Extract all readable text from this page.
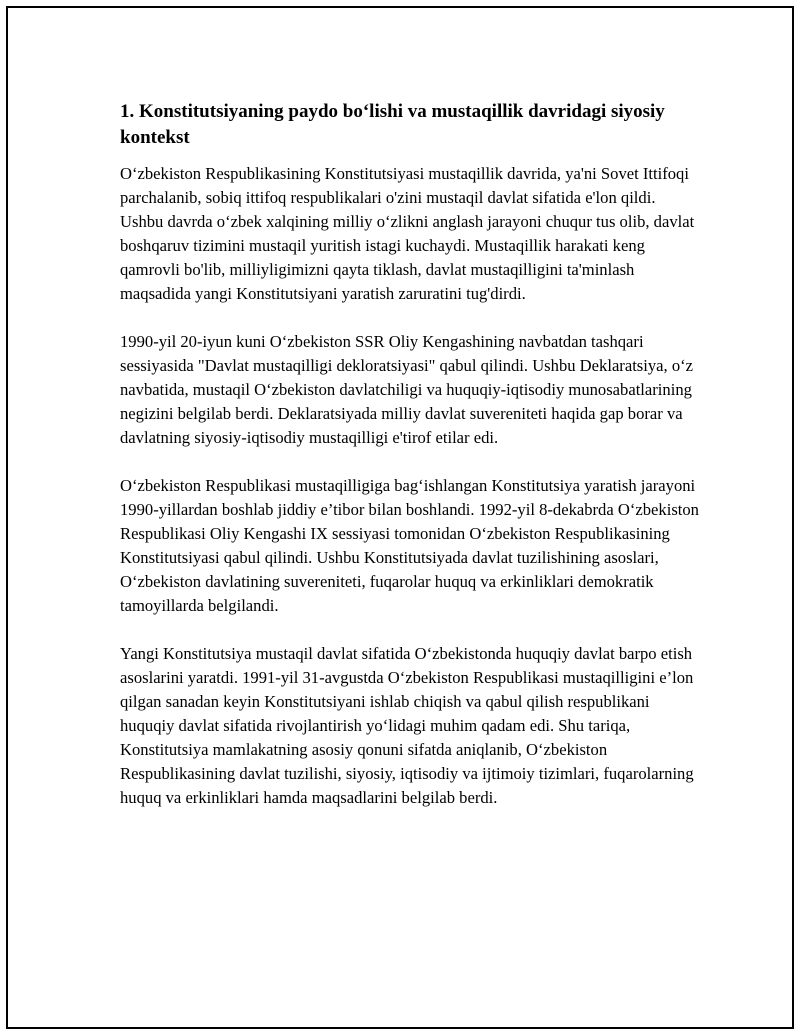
1. Konstitutsiyaning paydo bo‘lishi va mustaqillik davridagi siyosiy kontekst

O‘zbekiston Respublikasining Konstitutsiyasi mustaqillik davrida, ya'ni Sovet Ittifoqi parchalanib, sobiq ittifoq respublikalari o'zini mustaqil davlat sifatida e'lon qildi. Ushbu davrda o‘zbek xalqining milliy o‘zlikni anglash jarayoni chuqur tus olib, davlat boshqaruv tizimini mustaqil yuritish istagi kuchaydi. Mustaqillik harakati keng qamrovli bo'lib, milliyligimizni qayta tiklash, davlat mustaqilligini ta'minlash maqsadida yangi Konstitutsiyani yaratish zaruratini tug'dirdi.

1990-yil 20-iyun kuni O‘zbekiston SSR Oliy Kengashining navbatdan tashqari sessiyasida "Davlat mustaqilligi dekloratsiyasi" qabul qilindi. Ushbu Deklaratsiya, o‘z navbatida, mustaqil O‘zbekiston davlatchiligi va huquqiy-iqtisodiy munosabatlarining negizini belgilab berdi. Deklaratsiyada milliy davlat suvereniteti haqida gap borar va davlatning siyosiy-iqtisodiy mustaqilligi e'tirof etilar edi.

O‘zbekiston Respublikasi mustaqilligiga bag‘ishlangan Konstitutsiya yaratish jarayoni 1990-yillardan boshlab jiddiy e’tibor bilan boshlandi. 1992-yil 8-dekabrda O‘zbekiston Respublikasi Oliy Kengashi IX sessiyasi tomonidan O‘zbekiston Respublikasining Konstitutsiyasi qabul qilindi. Ushbu Konstitutsiyada davlat tuzilishining asoslari, O‘zbekiston davlatining suvereniteti, fuqarolar huquq va erkinliklari demokratik tamoyillarda belgilandi.

Yangi Konstitutsiya mustaqil davlat sifatida O‘zbekistonda huquqiy davlat barpo etish asoslarini yaratdi. 1991-yil 31-avgustda O‘zbekiston Respublikasi mustaqilligini e’lon qilgan sanadan keyin Konstitutsiyani ishlab chiqish va qabul qilish respublikani huquqiy davlat sifatida rivojlantirish yo‘lidagi muhim qadam edi. Shu tariqa, Konstitutsiya mamlakatning asosiy qonuni sifatda aniqlanib, O‘zbekiston Respublikasining davlat tuzilishi, siyosiy, iqtisodiy va ijtimoiy tizimlari, fuqarolarning huquq va erkinliklari hamda maqsadlarini belgilab berdi.
